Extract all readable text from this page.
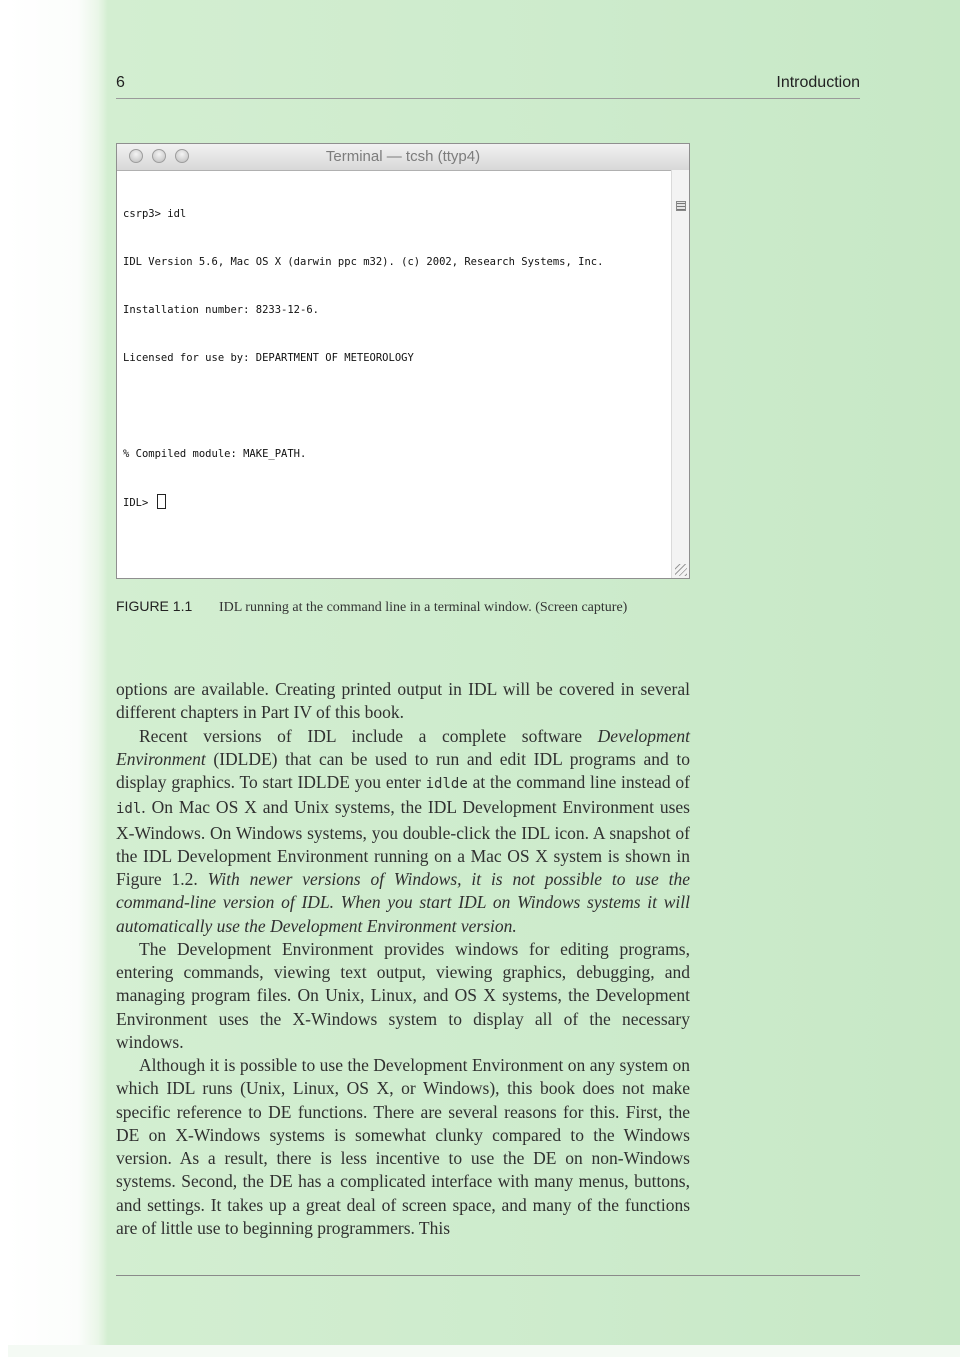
6	Introduction
Terminal — tcsh (ttyp4)

csrp3> idl

IDL Version 5.6, Mac OS X (darwin ppc m32). (c) 2002, Research Systems, Inc.

Installation number: 8233-12-6.

Licensed for use by: DEPARTMENT OF METEOROLOGY

% Compiled module: MAKE_PATH.

IDL>

FIGURE 1.1 IDL running at the command line in a terminal window. (Screen capture)

options are available. Creating printed output in IDL will be covered in several different chapters in Part IV of this book.

Recent versions of IDL include a complete software Development Environment (IDLDE) that can be used to run and edit IDL programs and to display graphics. To start IDLDE you enter idlde at the command line instead of idl. On Mac OS X and Unix systems, the IDL Development Environment uses X-Windows. On Windows systems, you double-click the IDL icon. A snapshot of the IDL Development Environment running on a Mac OS X system is shown in Figure 1.2. With newer versions of Windows, it is not possible to use the command-line version of IDL. When you start IDL on Windows systems it will automatically use the Development Environment version.

The Development Environment provides windows for editing programs, entering commands, viewing text output, viewing graphics, debugging, and managing program files. On Unix, Linux, and OS X systems, the Development Environment uses the X-Windows system to display all of the necessary windows.

Although it is possible to use the Development Environment on any system on which IDL runs (Unix, Linux, OS X, or Windows), this book does not make specific reference to DE functions. There are several reasons for this. First, the DE on X-Windows systems is somewhat clunky compared to the Windows version. As a result, there is less incentive to use the DE on non-Windows systems. Second, the DE has a complicated interface with many menus, buttons, and settings. It takes up a great deal of screen space, and many of the functions are of little use to beginning programmers. This
